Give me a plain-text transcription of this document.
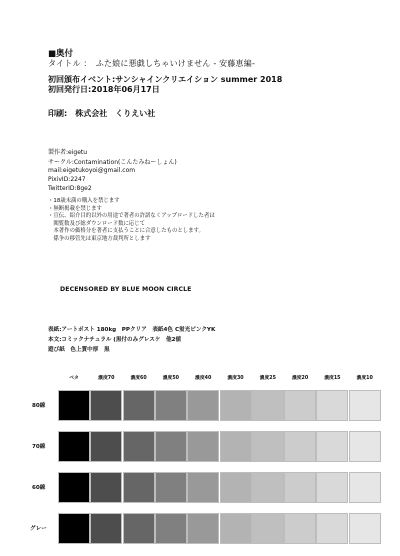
■奥付
タイトル ：　ふた娘に悪戯しちゃいけません - 安藤恵編-
初回頒布イベント:サンシャインクリエイション summer 2018
初回発行日:2018年06月17日
印刷:　株式会社　くりえい社
製作者:eigetu
サークル:Contamination(こんたみねーしょん)
mail:eigetukoyoi@gmail.com
PixivID:2247
TwitterID:8ge2
・18歳未満の購入を禁じます
・無断掲載を禁じます
・宣伝、紹介目的以外の用途で著者の許諾なくアップロードした者は
　閲覧数及び総ダウンロード数に応じて
　本著作の価格分を著者に支払うことに合意したものとします。
　係争の移管先は東京地方裁判所とします
DECENSORED BY BLUE MOON CIRCLE
表紙:アートポスト 180kg　PPクリア　表紙4色 C蛍光ピンクYK
本文:コミックナチュラル (黒付のみグレスケ　他2値
遊び紙　色上質中厚　黒
ベタ	濃度70	濃度60	濃度50	濃度40	濃度30	濃度25	濃度20	濃度15	濃度10
80線
70線
60線
グレー
